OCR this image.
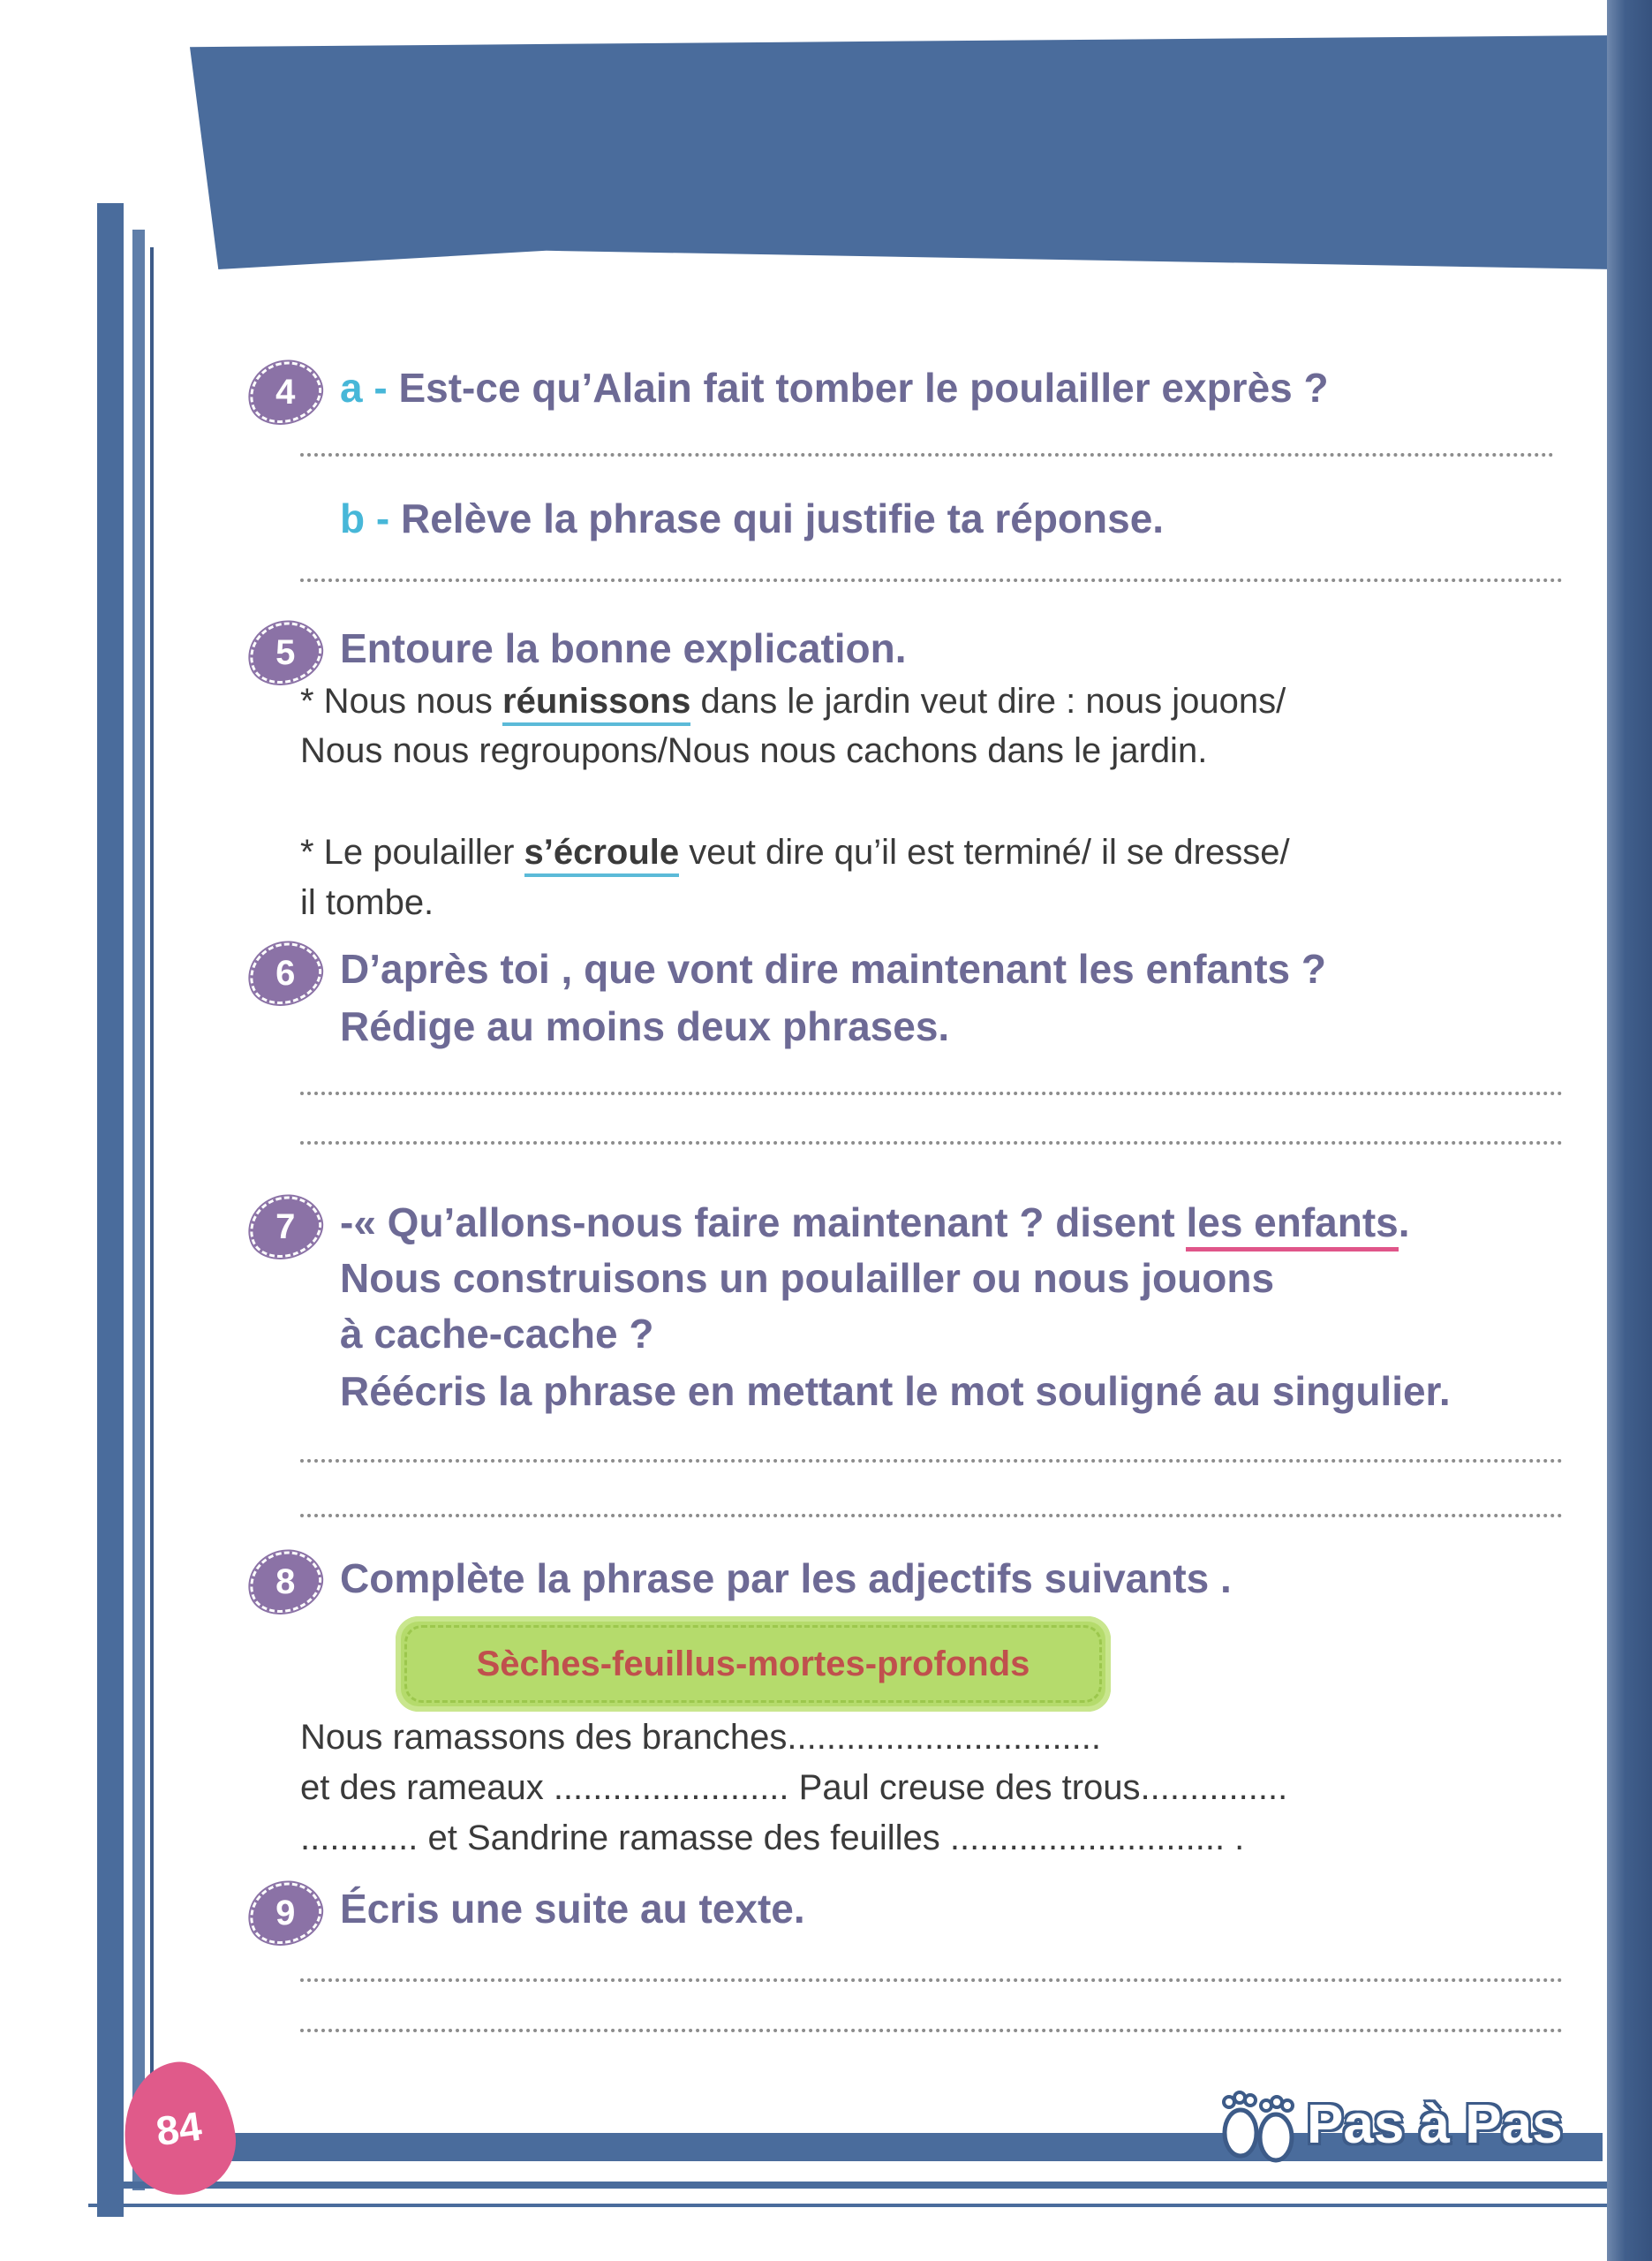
4 a - Est-ce qu’Alain fait tomber le poulailler exprès ?
b - Relève la phrase qui justifie ta réponse.
5 Entoure la bonne explication.
* Nous nous réunissons dans le jardin veut dire : nous jouons/
Nous nous regroupons/Nous nous cachons dans le jardin.
* Le poulailler s’écroule veut dire qu’il est terminé/ il se dresse/
il tombe.
6 D’après toi , que vont dire maintenant les enfants ?
Rédige au moins deux phrases.
7 -« Qu’allons-nous faire maintenant ? disent les enfants.
Nous construisons un poulailler ou nous jouons
à cache-cache ?
Réécris la phrase en mettant le mot souligné au singulier.
8 Complète la phrase par les adjectifs suivants .
Sèches-feuillus-mortes-profonds
Nous ramassons des branches................................
et des rameaux ........................ Paul creuse des trous...............
............ et Sandrine ramasse des feuilles ............................ .
9 Écris une suite au texte.
84	Pas à Pas
